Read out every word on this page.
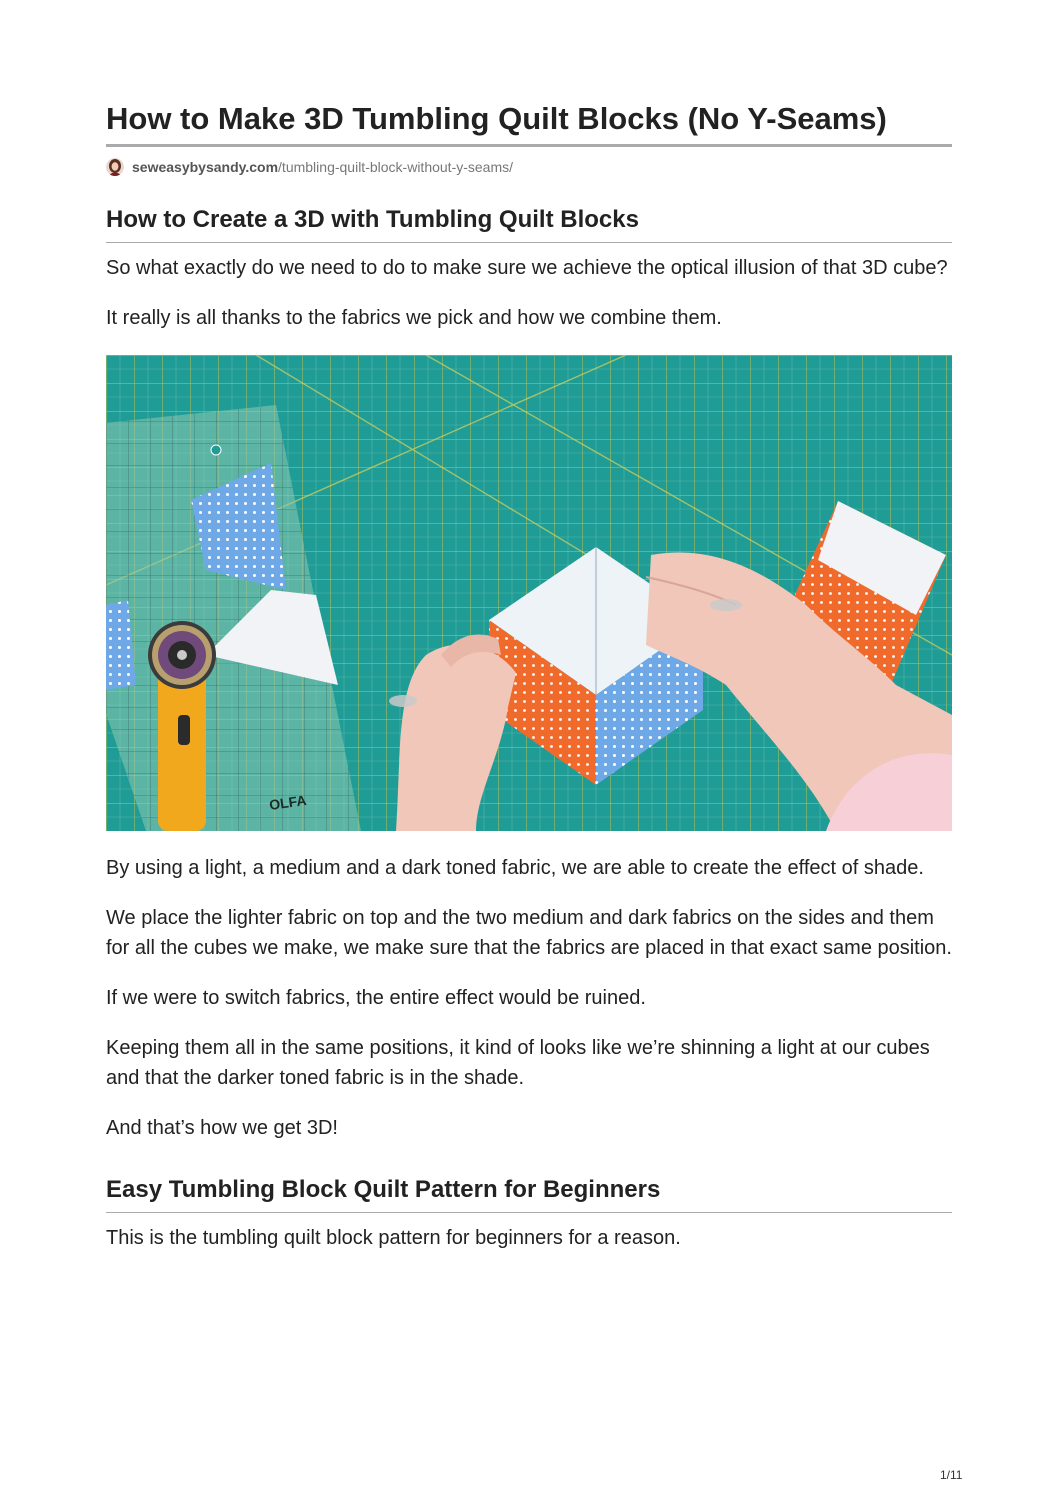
How to Make 3D Tumbling Quilt Blocks (No Y-Seams)
seweasybysandy.com /tumbling-quilt-block-without-y-seams/
How to Create a 3D with Tumbling Quilt Blocks

So what exactly do we need to do to make sure we achieve the optical illusion of that 3D cube?

It really is all thanks to the fabrics we pick and how we combine them.

OLFA

By using a light, a medium and a dark toned fabric, we are able to create the effect of shade.

We place the lighter fabric on top and the two medium and dark fabrics on the sides and them for all the cubes we make, we make sure that the fabrics are placed in that exact same position.

If we were to switch fabrics, the entire effect would be ruined.

Keeping them all in the same positions, it kind of looks like we’re shinning a light at our cubes and that the darker toned fabric is in the shade.

And that’s how we get 3D!

Easy Tumbling Block Quilt Pattern for Beginners

This is the tumbling quilt block pattern for beginners for a reason.

1/11
